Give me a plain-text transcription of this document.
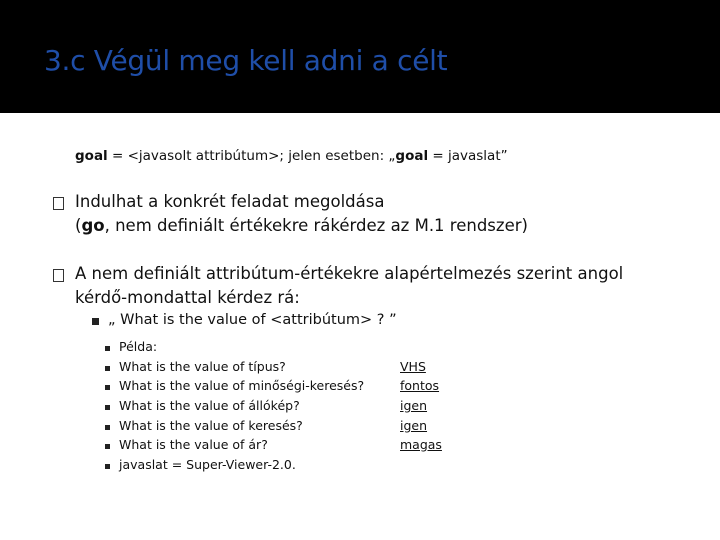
3.c Végül meg kell adni a célt
goal = <javasolt attribútum>; jelen esetben: „goal = javaslat”
Indulhat a konkrét feladat megoldása
(go, nem definiált értékekre rákérdez az M.1 rendszer)
A nem definiált attribútum-értékekre alapértelmezés szerint angol
kérdő-mondattal kérdez rá:
„ What is the value of <attribútum> ? ”
Példa:
What is the value of típus?	VHS
What is the value of minőségi-keresés?	fontos
What is the value of állókép?	igen
What is the value of keresés?	igen
What is the value of ár?	magas
javaslat = Super-Viewer-2.0.
